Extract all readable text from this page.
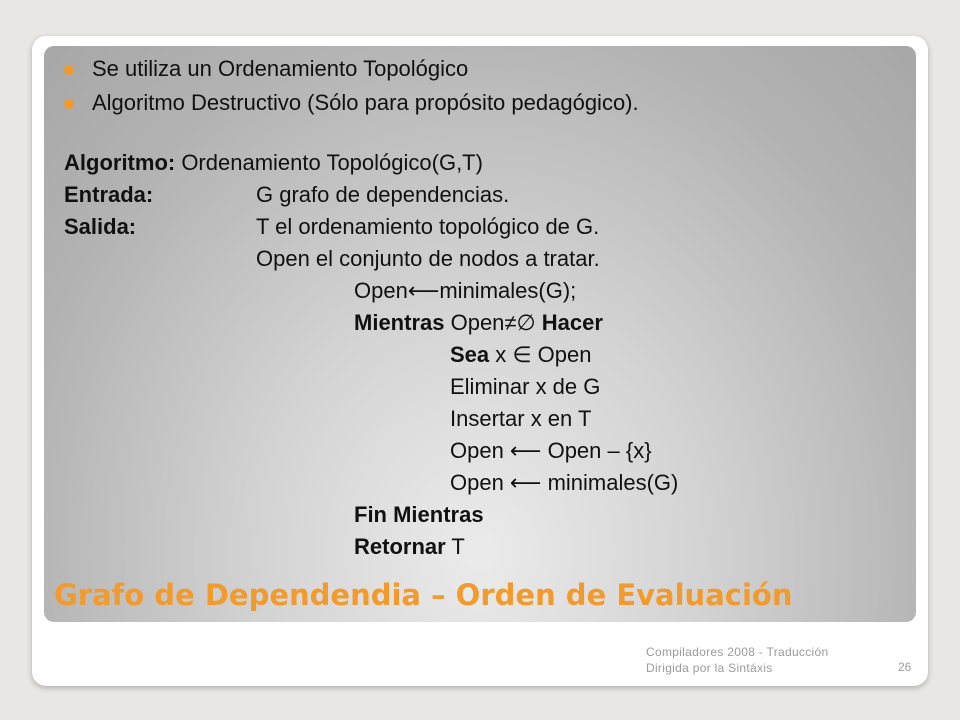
Se utiliza un Ordenamiento Topológico
Algoritmo Destructivo (Sólo para propósito pedagógico).
Algoritmo: Ordenamiento Topológico(G,T)
Entrada:	G grafo de dependencias.
Salida:	T el ordenamiento topológico de G.
Open el conjunto de nodos a tratar.
Open⟵minimales(G);
Mientras Open≠∅ Hacer
Sea x ∈ Open
Eliminar x de G
Insertar x en T
Open ⟵ Open – {x}
Open ⟵ minimales(G)
Fin Mientras
Retornar T
Grafo de Dependendia – Orden de Evaluación
Compiladores 2008 - Traducción
Dirigida por la Sintáxis	26
